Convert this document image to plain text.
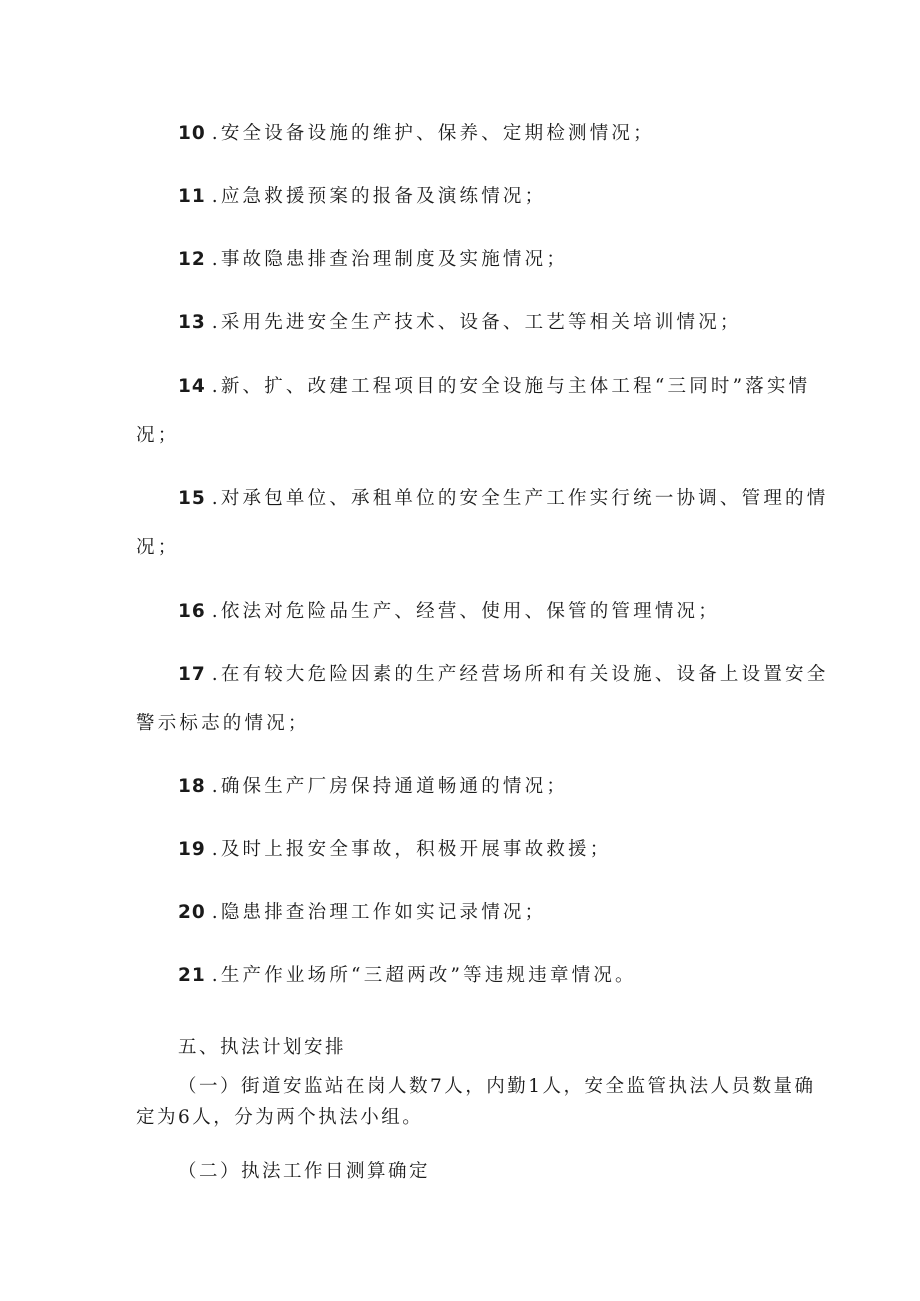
10 .安全设备设施的维护、保养、定期检测情况；
11 .应急救援预案的报备及演练情况；
12 .事故隐患排查治理制度及实施情况；
13 .采用先进安全生产技术、设备、工艺等相关培训情况；
14 .新、扩、改建工程项目的安全设施与主体工程“三同时”落实情
况；
15 .对承包单位、承租单位的安全生产工作实行统一协调、管理的情
况；
16 .依法对危险品生产、经营、使用、保管的管理情况；
17 .在有较大危险因素的生产经营场所和有关设施、设备上设置安全
警示标志的情况；
18 .确保生产厂房保持通道畅通的情况；
19 .及时上报安全事故，积极开展事故救援；
20 .隐患排查治理工作如实记录情况；
21 .生产作业场所“三超两改”等违规违章情况。
五、执法计划安排
（一）街道安监站在岗人数7人，内勤1人，安全监管执法人员数量确
定为6人，分为两个执法小组。
（二）执法工作日测算确定
